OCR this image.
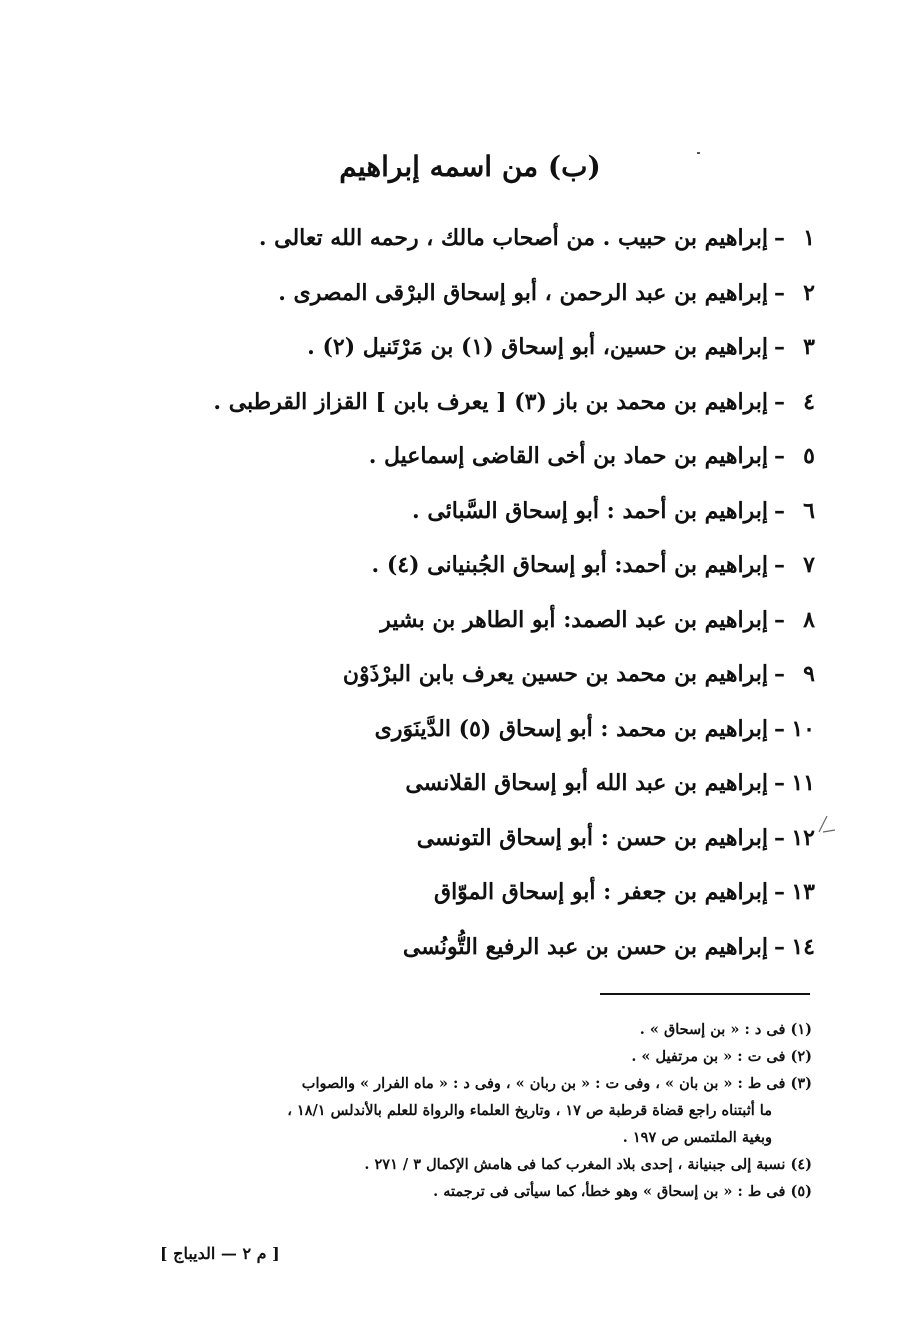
(ب) من اسمه إبراهيم
١–إبراهيم بن حبيب . من أصحاب مالك ، رحمه الله تعالى .
٢–إبراهيم بن عبد الرحمن ، أبو إسحاق البرْقى المصرى .
٣–إبراهيم بن حسين، أبو إسحاق (١) بن مَرْتَنيل (٢) .
٤–إبراهيم بن محمد بن باز (٣) [ يعرف بابن ] القزاز القرطبى .
٥–إبراهيم بن حماد بن أخى القاضى إسماعيل .
٦–إبراهيم بن أحمد : أبو إسحاق السَّبائى .
٧–إبراهيم بن أحمد: أبو إسحاق الجُبنيانى (٤) .
٨–إبراهيم بن عبد الصمد: أبو الطاهر بن بشير
٩–إبراهيم بن محمد بن حسين يعرف بابن البرْذَوْن
١٠–إبراهيم بن محمد : أبو إسحاق (٥) الدَّينَوَرى
١١–إبراهيم بن عبد الله أبو إسحاق القلانسى
١٢–إبراهيم بن حسن : أبو إسحاق التونسى
١٣–إبراهيم بن جعفر : أبو إسحاق الموّاق
١٤–إبراهيم بن حسن بن عبد الرفيع التُّونُسى
(١) فى د : « بن إسحاق » .
(٢) فى ت : « بن مرتفيل » .
(٣) فى ط : « بن بان » ، وفى ت : « بن ربان » ، وفى د : « ماه الفرار » والصواب
ما أثبتناه راجع قضاة قرطبة ص ١٧ ، وتاريخ العلماء والرواة للعلم بالأندلس ١٨/١ ،
وبغية الملتمس ص ١٩٧ .
(٤) نسبة إلى جبنيانة ، إحدى بلاد المغرب كما فى هامش الإكمال ٣ / ٢٧١ .
(٥) فى ط : « بن إسحاق » وهو خطأ، كما سيأتى فى ترجمته .
[ م ٢ — الديباج ]
